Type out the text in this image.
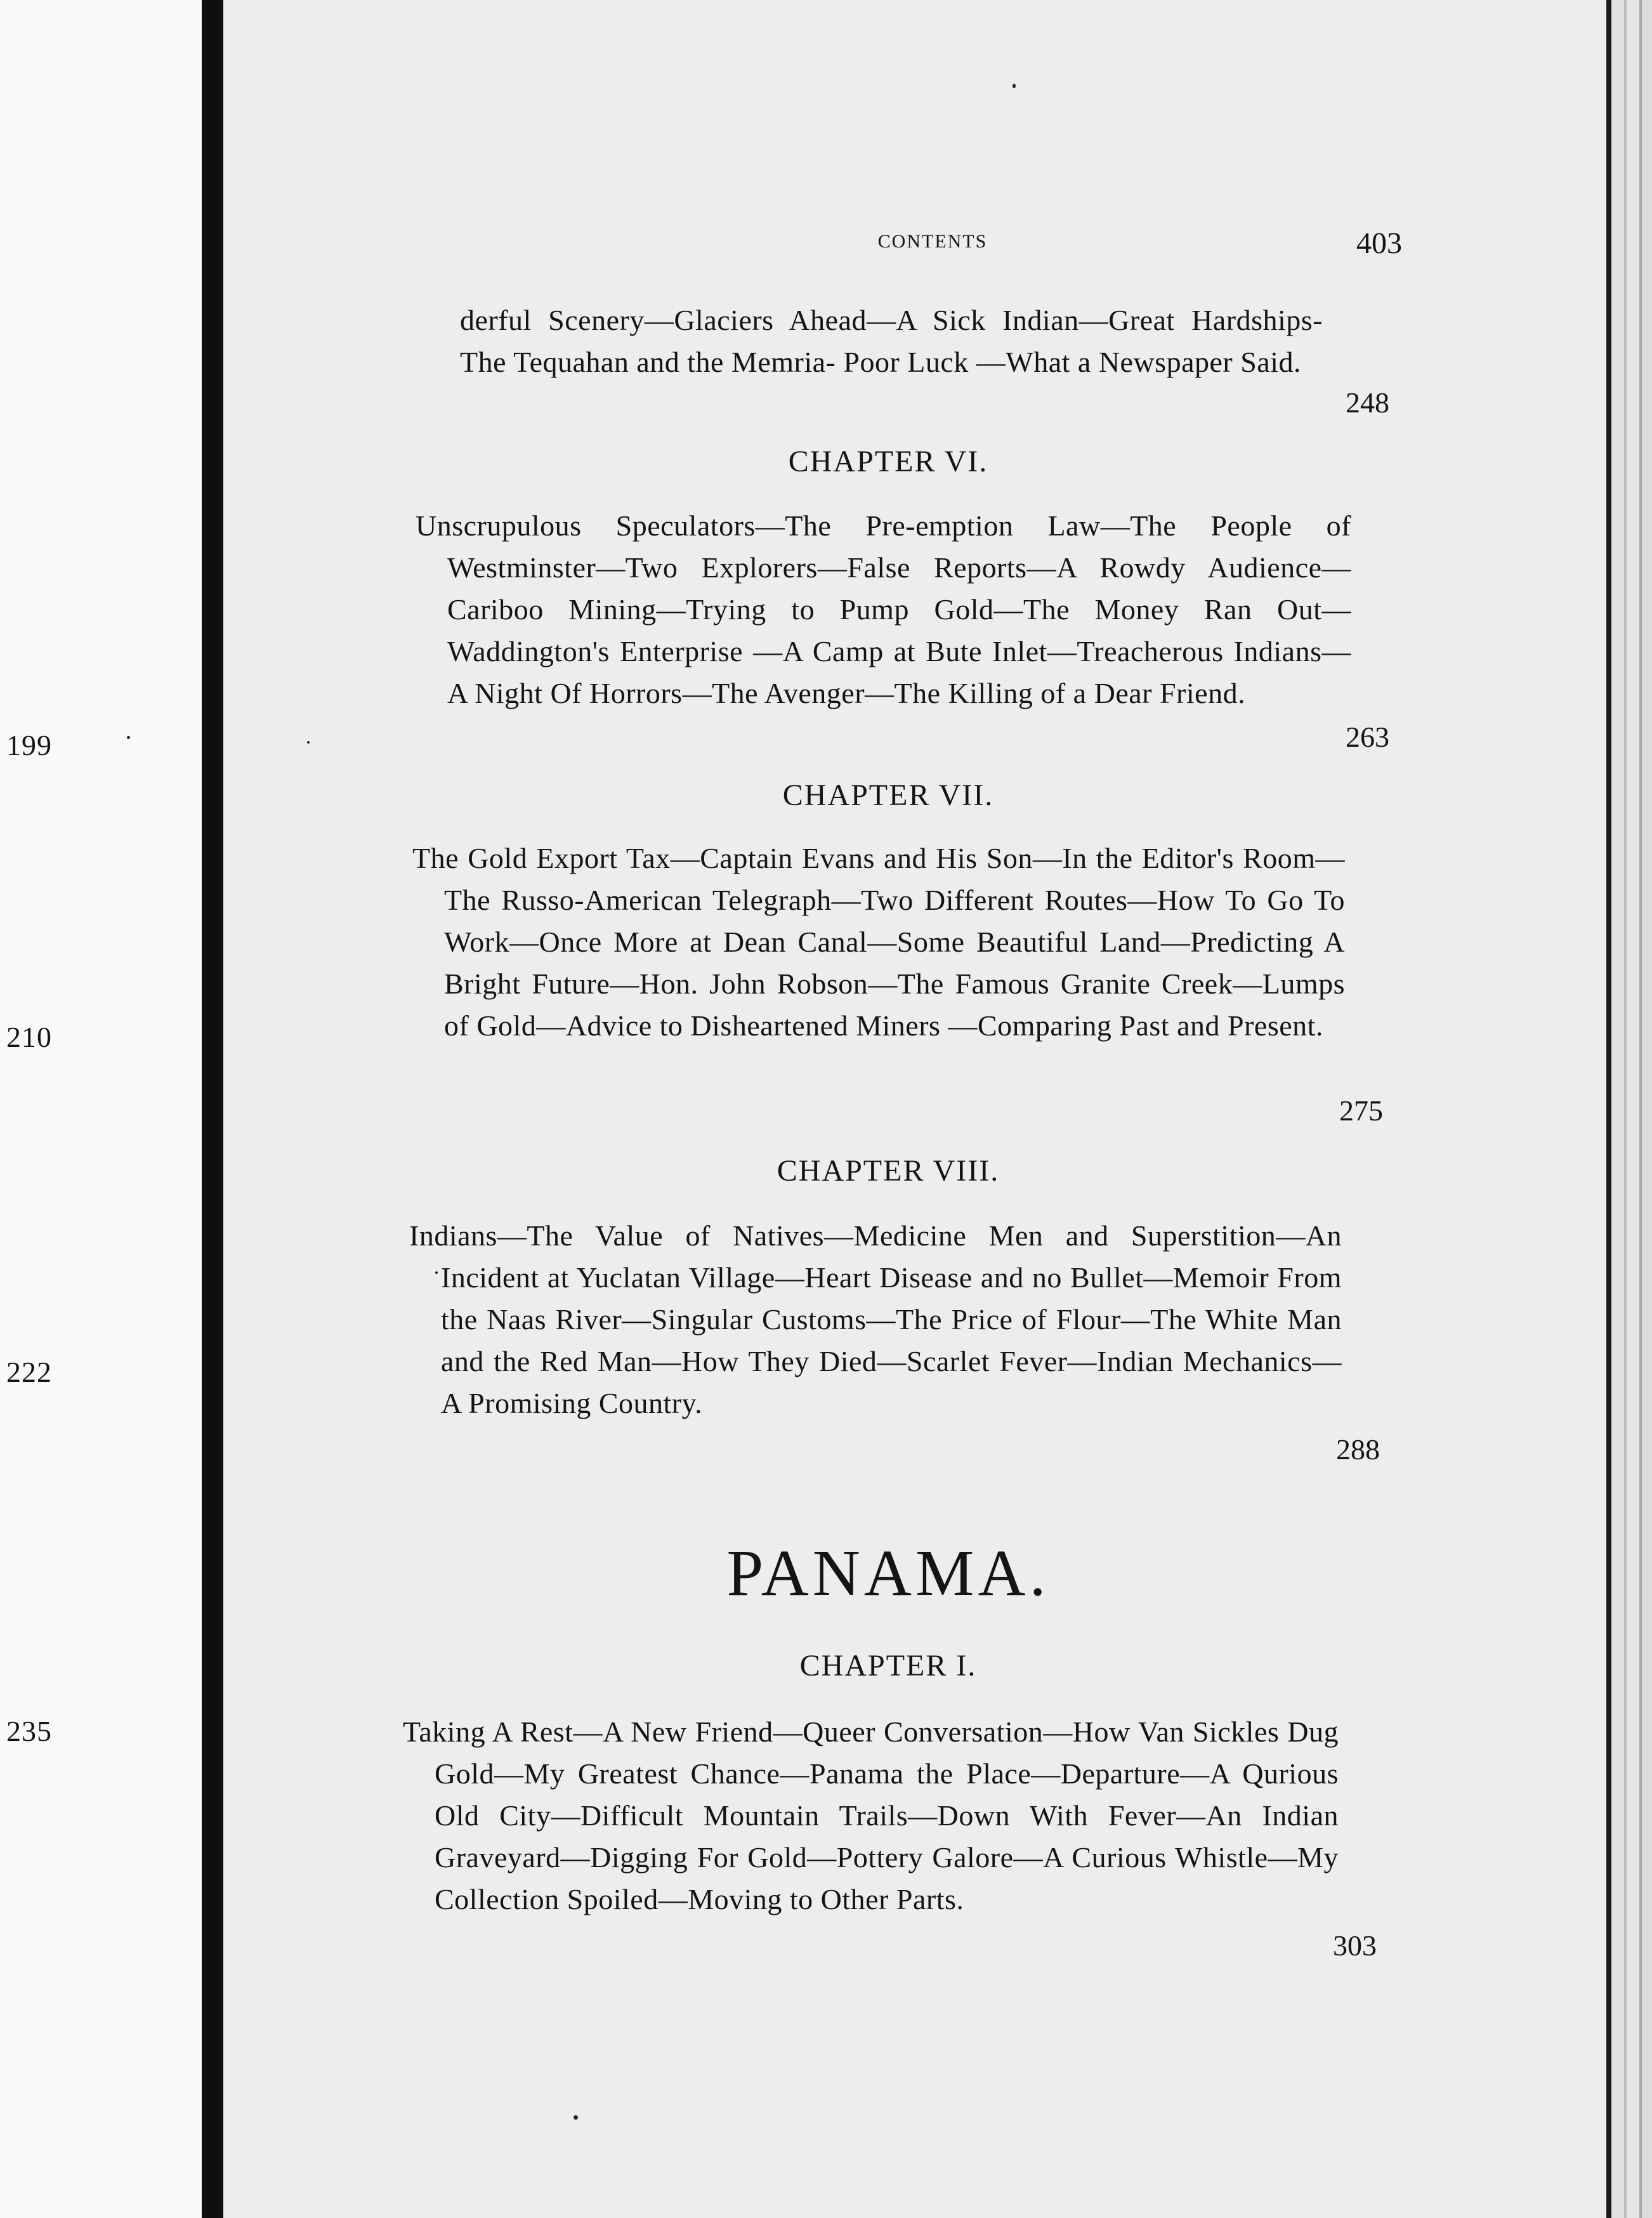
199
210
222
235
CONTENTS	403
derful Scenery—Glaciers Ahead—A Sick Indian—Great Hardships- The Tequahan and the Memria- Poor Luck —What a Newspaper Said.
248
CHAPTER VI.
Unscrupulous Speculators—The Pre-emption Law—The People of Westminster—Two Explorers—False Reports—A Rowdy Audience—Cariboo Mining—Trying to Pump Gold—The Money Ran Out—Waddington's Enterprise —A Camp at Bute Inlet—Treacherous Indians—A Night Of Horrors—The Avenger—The Killing of a Dear Friend.
263
CHAPTER VII.
The Gold Export Tax—Captain Evans and His Son—In the Editor's Room—The Russo-American Telegraph—Two Different Routes—How To Go To Work—Once More at Dean Canal—Some Beautiful Land—Predicting A Bright Future—Hon. John Robson—The Famous Granite Creek—Lumps of Gold—Advice to Disheartened Miners —Comparing Past and Present.
275
CHAPTER VIII.
Indians—The Value of Natives—Medicine Men and Superstition—An Incident at Yuclatan Village—Heart Disease and no Bullet—Memoir From the Naas River—Singular Customs—The Price of Flour—The White Man and the Red Man—How They Died—Scarlet Fever—Indian Mechanics—A Promising Country.
288
PANAMA.
CHAPTER I.
Taking A Rest—A New Friend—Queer Conversation—How Van Sickles Dug Gold—My Greatest Chance—Panama the Place—Departure—A Qurious Old City—Difficult Mountain Trails—Down With Fever—An Indian Graveyard—Digging For Gold—Pottery Galore—A Curious Whistle—My Collection Spoiled—Moving to Other Parts.
303
